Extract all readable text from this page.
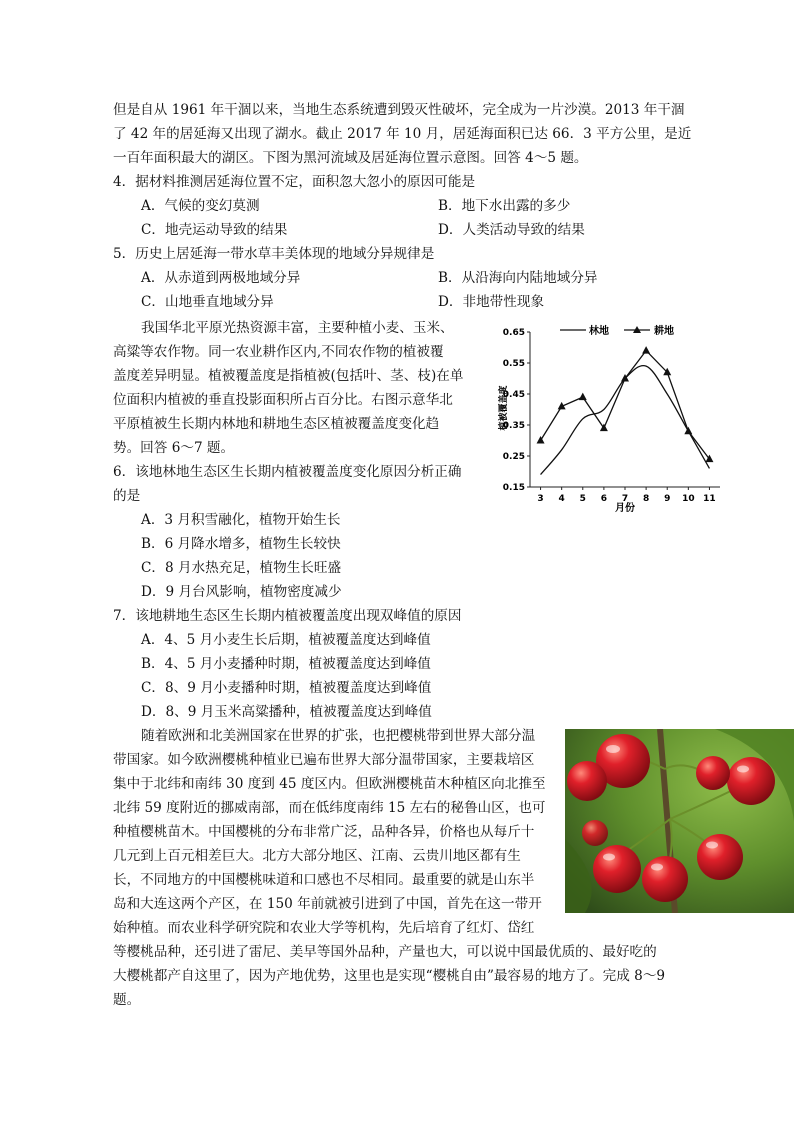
但是自从 1961 年干涸以来，当地生态系统遭到毁灭性破坏，完全成为一片沙漠。2013 年干涸
了 42 年的居延海又出现了湖水。截止 2017 年 10 月，居延海面积已达 66．3 平方公里，是近
一百年面积最大的湖区。下图为黑河流域及居延海位置示意图。回答 4～5 题。
4．据材料推测居延海位置不定，面积忽大忽小的原因可能是
A．气候的变幻莫测	B．地下水出露的多少
C．地壳运动导致的结果	D．人类活动导致的结果
5．历史上居延海一带水草丰美体现的地域分异规律是
A．从赤道到两极地域分异	B．从沿海向内陆地域分异
C．山地垂直地域分异	D．非地带性现象
我国华北平原光热资源丰富，主要种植小麦、玉米、
高粱等农作物。同一农业耕作区内,不同农作物的植被覆
盖度差异明显。植被覆盖度是指植被(包括叶、茎、枝)在单
位面积内植被的垂直投影面积所占百分比。右图示意华北
平原植被生长期内林地和耕地生态区植被覆盖度变化趋
势。回答 6～7 题。
6．该地林地生态区生长期内植被覆盖度变化原因分析正确
的是
A．3 月积雪融化，植物开始生长
B．6 月降水增多，植物生长较快
C．8 月水热充足，植物生长旺盛
D．9 月台风影响，植物密度减少
7．该地耕地生态区生长期内植被覆盖度出现双峰值的原因
A．4、5 月小麦生长后期，植被覆盖度达到峰值
B．4、5 月小麦播种时期，植被覆盖度达到峰值
C．8、9 月小麦播种时期，植被覆盖度达到峰值
D．8、9 月玉米高粱播种，植被覆盖度达到峰值
随着欧洲和北美洲国家在世界的扩张，也把樱桃带到世界大部分温
带国家。如今欧洲樱桃种植业已遍布世界大部分温带国家，主要栽培区
集中于北纬和南纬 30 度到 45 度区内。但欧洲樱桃苗木种植区向北推至
北纬 59 度附近的挪威南部，而在低纬度南纬 15 左右的秘鲁山区，也可
种植樱桃苗木。中国樱桃的分布非常广泛，品种各异，价格也从每斤十
几元到上百元相差巨大。北方大部分地区、江南、云贵川地区都有生
长，不同地方的中国樱桃味道和口感也不尽相同。最重要的就是山东半
岛和大连这两个产区，在 150 年前就被引进到了中国，首先在这一带开
始种植。而农业科学研究院和农业大学等机构，先后培育了红灯、岱红
等樱桃品种，还引进了雷尼、美早等国外品种，产量也大，可以说中国最优质的、最好吃的
大樱桃都产自这里了，因为产地优势，这里也是实现“樱桃自由”最容易的地方了。完成 8～9
题。
0.15
0.25
0.35
0.45
0.55
0.65
3 4 5 6 7 8 9 10 11
植被覆盖度
月份
林地	耕地
